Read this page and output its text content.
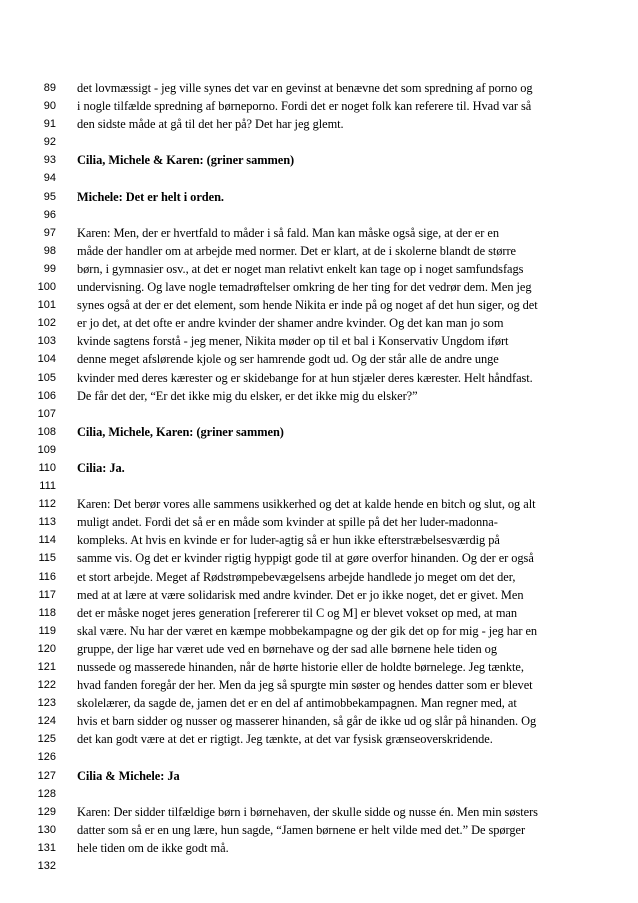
89 det lovmæssigt - jeg ville synes det var en gevinst at benævne det som spredning af porno og
90 i nogle tilfælde spredning af børneporno. Fordi det er noget folk kan referere til. Hvad var så
91 den sidste måde at gå til det her på? Det har jeg glemt.
92
93 Cilia, Michele & Karen: (griner sammen)
94
95 Michele: Det er helt i orden.
96
97 Karen: Men, der er hvertfald to måder i så fald. Man kan måske også sige, at der er en
98 måde der handler om at arbejde med normer. Det er klart, at de i skolerne blandt de større
99 børn, i gymnasier osv., at det er noget man relativt enkelt kan tage op i noget samfundsfags
100 undervisning. Og lave nogle temadrøftelser omkring de her ting for det vedrør dem. Men jeg
101 synes også at der er det element, som hende Nikita er inde på og noget af det hun siger, og det
102 er jo det, at det ofte er andre kvinder der shamer andre kvinder. Og det kan man jo som
103 kvinde sagtens forstå - jeg mener, Nikita møder op til et bal i Konservativ Ungdom iført
104 denne meget afslørende kjole og ser hamrende godt ud. Og der står alle de andre unge
105 kvinder med deres kærester og er skidebange for at hun stjæler deres kærester. Helt håndfast.
106 De får det der, “Er det ikke mig du elsker, er det ikke mig du elsker?”
107
108 Cilia, Michele, Karen: (griner sammen)
109
110 Cilia: Ja.
111
112 Karen: Det berør vores alle sammens usikkerhed og det at kalde hende en bitch og slut, og alt
113 muligt andet. Fordi det så er en måde som kvinder at spille på det her luder-madonna-
114 kompleks. At hvis en kvinde er for luder-agtig så er hun ikke efterstræbelsesværdig på
115 samme vis. Og det er kvinder rigtig hyppigt gode til at gøre overfor hinanden. Og der er også
116 et stort arbejde. Meget af Rødstrømpebevægelsens arbejde handlede jo meget om det der,
117 med at at lære at være solidarisk med andre kvinder. Det er jo ikke noget, det er givet. Men
118 det er måske noget jeres generation [refererer til C og M] er blevet vokset op med, at man
119 skal være. Nu har der været en kæmpe mobbekampagne og der gik det op for mig - jeg har en
120 gruppe, der lige har været ude ved en børnehave og der sad alle børnene hele tiden og
121 nussede og masserede hinanden, når de hørte historie eller de holdte børnelege. Jeg tænkte,
122 hvad fanden foregår der her. Men da jeg så spurgte min søster og hendes datter som er blevet
123 skolelærer, da sagde de, jamen det er en del af antimobbekampagnen. Man regner med, at
124 hvis et barn sidder og nusser og masserer hinanden, så går de ikke ud og slår på hinanden. Og
125 det kan godt være at det er rigtigt. Jeg tænkte, at det var fysisk grænseoverskridende.
126
127 Cilia & Michele: Ja
128
129 Karen: Der sidder tilfældige børn i børnehaven, der skulle sidde og nusse én. Men min søsters
130 datter som så er en ung lære, hun sagde, “Jamen børnene er helt vilde med det.” De spørger
131 hele tiden om de ikke godt må.
132
